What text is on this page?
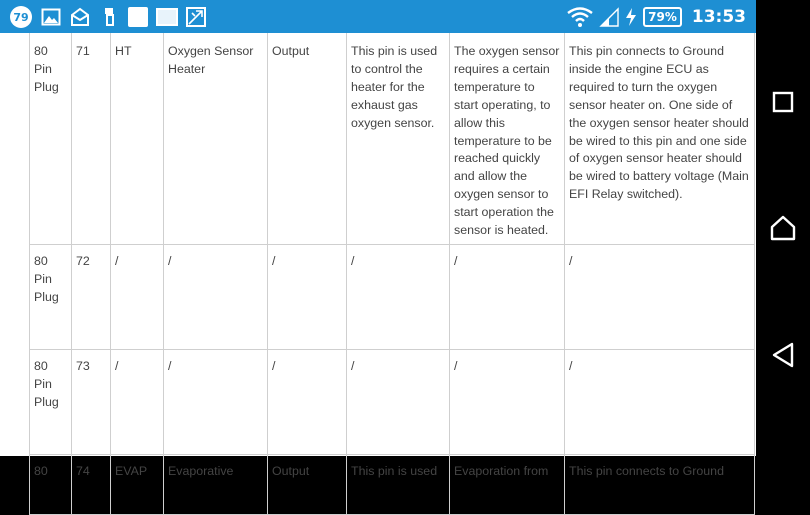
79	79% 13:53
80 Pin Plug	71	HT	Oxygen Sensor Heater	Output	This pin is used to control the heater for the exhaust gas oxygen sensor.	The oxygen sensor requires a certain temperature to start operating, to allow this temperature to be reached quickly and allow the oxygen sensor to start operation the sensor is heated.	This pin connects to Ground inside the engine ECU as required to turn the oxygen sensor heater on. One side of the oxygen sensor heater should be wired to this pin and one side of oxygen sensor heater should be wired to battery voltage (Main EFI Relay switched).
80 Pin Plug	72	/	/	/	/	/	/
80 Pin Plug	73	/	/	/	/	/	/
80	74	EVAP	Evaporative	Output	This pin is used	Evaporation from	This pin connects to Ground
